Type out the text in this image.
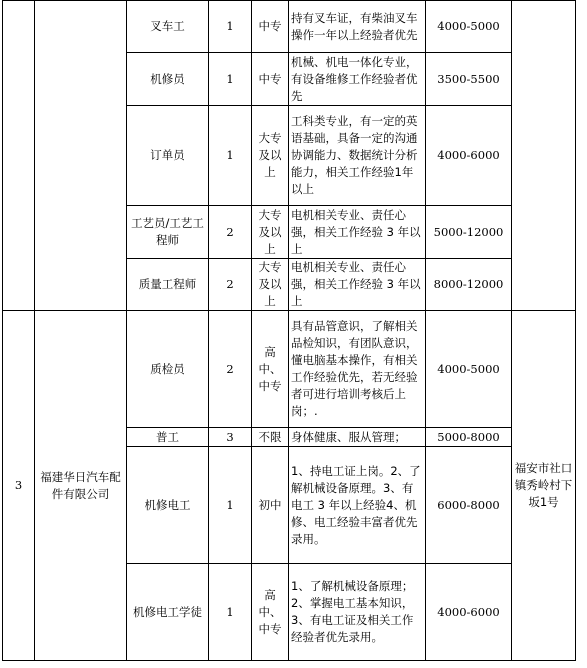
		叉车工	1	中专	持有叉车证，有柴油叉车操作一年以上经验者优先	4000-5000	
		机修员	1	中专	机械、机电一体化专业，有设备维修工作经验者优先	3500-5500	
		订单员	1	大专及以上	工科类专业，有一定的英语基础，具备一定的沟通协调能力、数据统计分析能力，相关工作经验1年以上	4000-6000	
		工艺员/工艺工程师	2	大专及以上	电机相关专业、责任心强，相关工作经验 3 年以上	5000-12000	
		质量工程师	2	大专及以上	电机相关专业、责任心强，相关工作经验 3 年以上	8000-12000	
3	福建华日汽车配件有限公司	质检员	2	高中、中专	具有品管意识，了解相关品检知识，有团队意识，懂电脑基本操作，有相关工作经验优先，若无经验者可进行培训考核后上岗；.	4000-5000	福安市社口镇秀岭村下坂1号
		普工	3	不限	身体健康、服从管理；	5000-8000	
		机修电工	1	初中	1、持电工证上岗。2、了解机械设备原理。3、有电工 3 年以上经验4、机修、电工经验丰富者优先录用。	6000-8000	
		机修电工学徒	1	高中、中专	1、了解机械设备原理；2、掌握电工基本知识，3、有电工证及相关工作经验者优先录用。	4000-6000	
